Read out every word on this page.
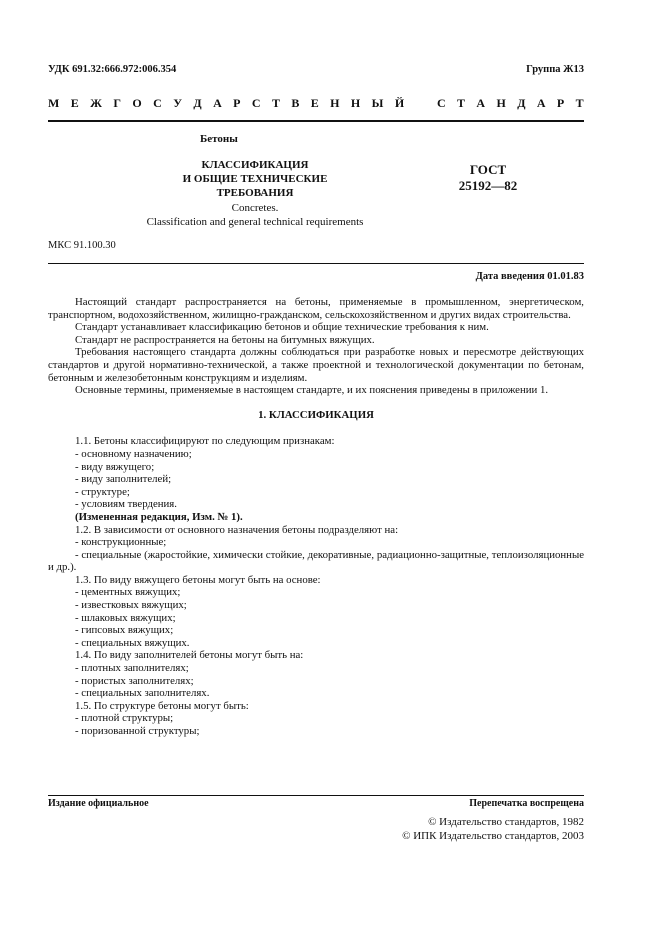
УДК 691.32:666.972:006.354	Группа Ж13
М Е Ж Г О С У Д А Р С Т В Е Н Н Ы Й	С Т А Н Д А Р Т
Бетоны
КЛАССИФИКАЦИЯ
И ОБЩИЕ ТЕХНИЧЕСКИЕ ТРЕБОВАНИЯ
ГОСТ
25192—82
Concretes.
Classification and general technical requirements
МКС 91.100.30
Дата введения 01.01.83

Настоящий стандарт распространяется на бетоны, применяемые в промышленном, энергетическом, транспортном, водохозяйственном, жилищно-гражданском, сельскохозяйственном и других видах строительства.

Стандарт устанавливает классификацию бетонов и общие технические требования к ним.

Стандарт не распространяется на бетоны на битумных вяжущих.

Требования настоящего стандарта должны соблюдаться при разработке новых и пересмотре действующих стандартов и другой нормативно-технической, а также проектной и технологической документации по бетонам, бетонным и железобетонным конструкциям и изделиям.

Основные термины, применяемые в настоящем стандарте, и их пояснения приведены в приложении 1.

1. КЛАССИФИКАЦИЯ

1.1. Бетоны классифицируют по следующим признакам:

- основному назначению;

- виду вяжущего;

- виду заполнителей;

- структуре;

- условиям твердения.

(Измененная редакция, Изм. № 1).

1.2. В зависимости от основного назначения бетоны подразделяют на:

- конструкционные;

- специальные (жаростойкие, химически стойкие, декоративные, радиационно-защитные, теплоизоляционные и др.).

1.3. По виду вяжущего бетоны могут быть на основе:

- цементных вяжущих;

- известковых вяжущих;

- шлаковых вяжущих;

- гипсовых вяжущих;

- специальных вяжущих.

1.4. По виду заполнителей бетоны могут быть на:

- плотных заполнителях;

- пористых заполнителях;

- специальных заполнителях.

1.5. По структуре бетоны могут быть:

- плотной структуры;

- поризованной структуры;

Издание официальное	Перепечатка воспрещена
© Издательство стандартов, 1982
© ИПК Издательство стандартов, 2003
